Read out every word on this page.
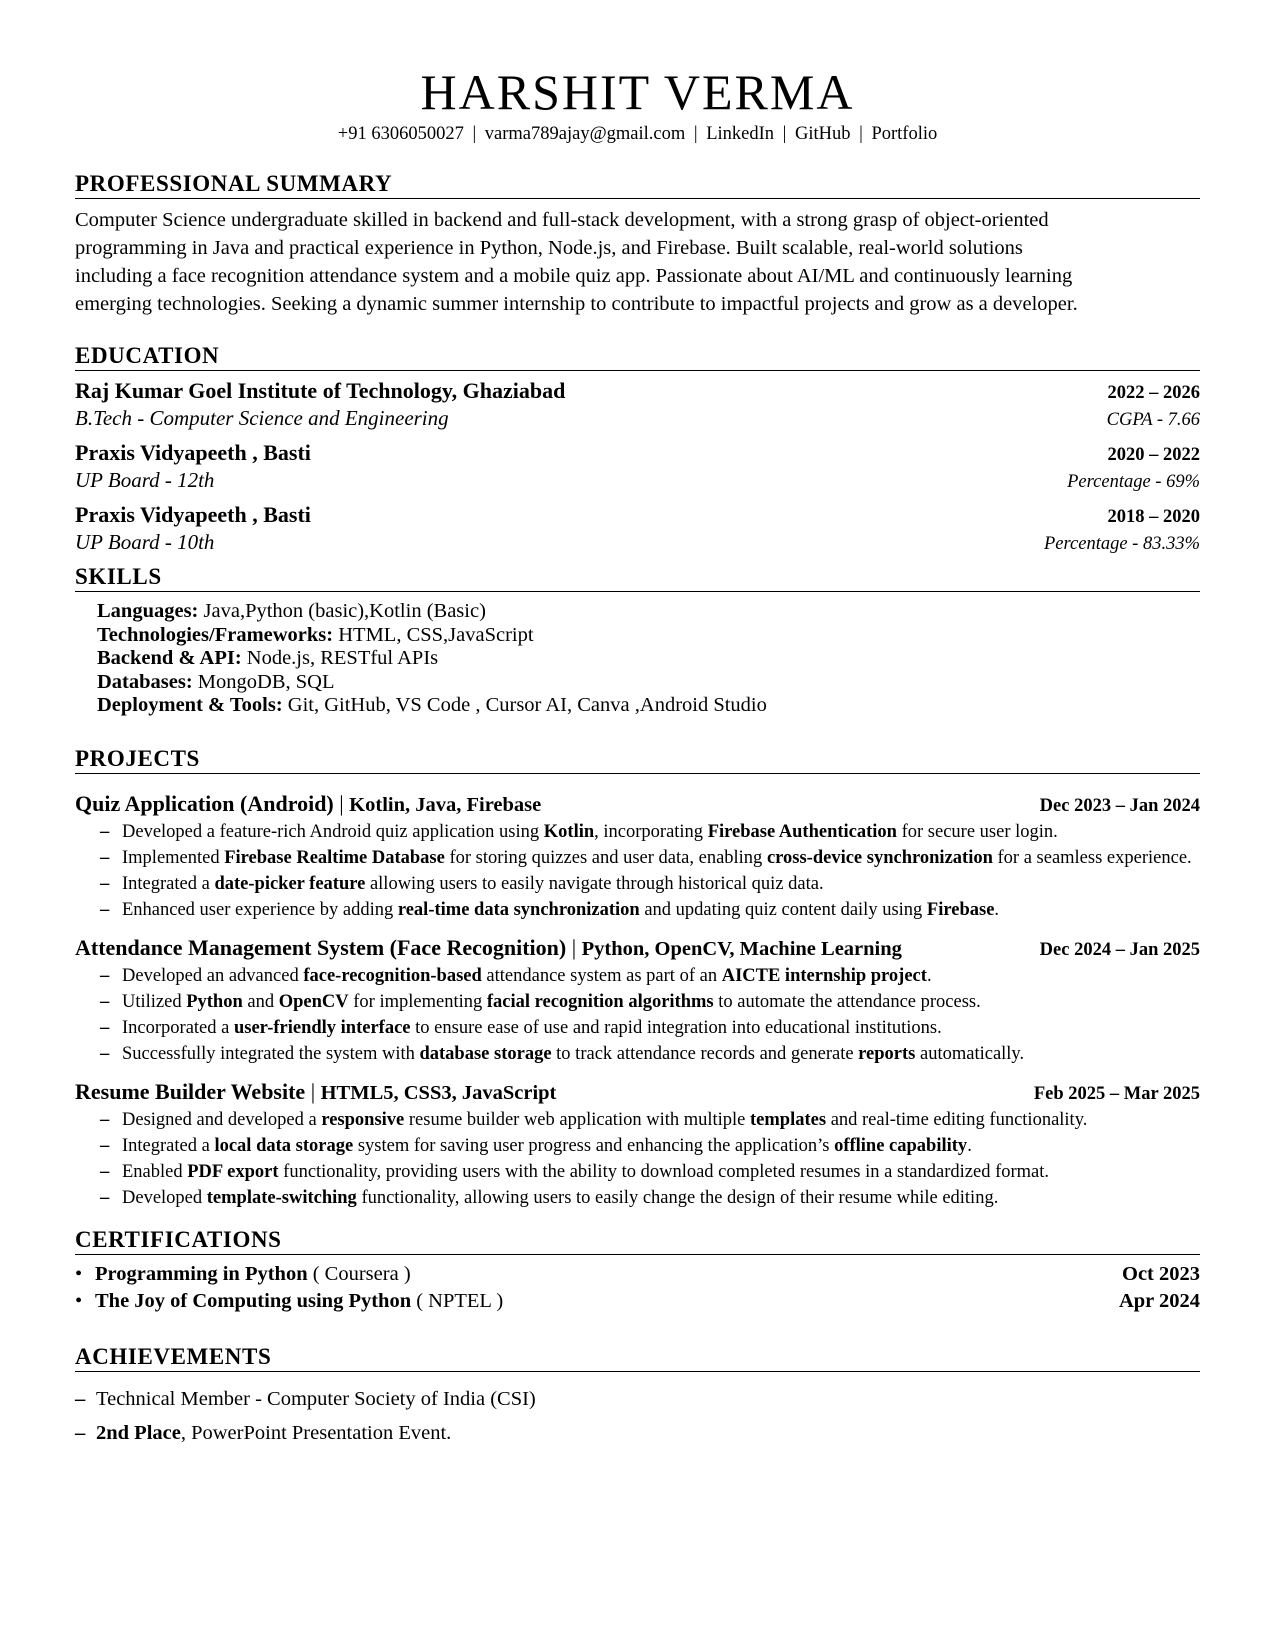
HARSHIT VERMA
+91 6306050027 | varma789ajay@gmail.com | LinkedIn | GitHub | Portfolio
PROFESSIONAL SUMMARY
Computer Science undergraduate skilled in backend and full-stack development, with a strong grasp of object-oriented
programming in Java and practical experience in Python, Node.js, and Firebase. Built scalable, real-world solutions
including a face recognition attendance system and a mobile quiz app. Passionate about AI/ML and continuously learning
emerging technologies. Seeking a dynamic summer internship to contribute to impactful projects and grow as a developer.
EDUCATION
Raj Kumar Goel Institute of Technology, Ghaziabad	2022 – 2026
B.Tech - Computer Science and Engineering	CGPA - 7.66
Praxis Vidyapeeth , Basti	2020 – 2022
UP Board - 12th	Percentage - 69%
Praxis Vidyapeeth , Basti	2018 – 2020
UP Board - 10th	Percentage - 83.33%
SKILLS
Languages: Java,Python (basic),Kotlin (Basic)
Technologies/Frameworks: HTML, CSS,JavaScript
Backend & API: Node.js, RESTful APIs
Databases: MongoDB, SQL
Deployment & Tools: Git, GitHub, VS Code , Cursor AI, Canva ,Android Studio
PROJECTS
Quiz Application (Android) | Kotlin, Java, Firebase	Dec 2023 – Jan 2024
– Developed a feature-rich Android quiz application using Kotlin, incorporating Firebase Authentication for secure user login.
– Implemented Firebase Realtime Database for storing quizzes and user data, enabling cross-device synchronization for a seamless experience.
– Integrated a date-picker feature allowing users to easily navigate through historical quiz data.
– Enhanced user experience by adding real-time data synchronization and updating quiz content daily using Firebase.
Attendance Management System (Face Recognition) | Python, OpenCV, Machine Learning	Dec 2024 – Jan 2025
– Developed an advanced face-recognition-based attendance system as part of an AICTE internship project.
– Utilized Python and OpenCV for implementing facial recognition algorithms to automate the attendance process.
– Incorporated a user-friendly interface to ensure ease of use and rapid integration into educational institutions.
– Successfully integrated the system with database storage to track attendance records and generate reports automatically.
Resume Builder Website | HTML5, CSS3, JavaScript	Feb 2025 – Mar 2025
– Designed and developed a responsive resume builder web application with multiple templates and real-time editing functionality.
– Integrated a local data storage system for saving user progress and enhancing the application’s offline capability.
– Enabled PDF export functionality, providing users with the ability to download completed resumes in a standardized format.
– Developed template-switching functionality, allowing users to easily change the design of their resume while editing.
CERTIFICATIONS
• Programming in Python ( Coursera )	Oct 2023
• The Joy of Computing using Python ( NPTEL )	Apr 2024
ACHIEVEMENTS
– Technical Member - Computer Society of India (CSI)
– 2nd Place, PowerPoint Presentation Event.
